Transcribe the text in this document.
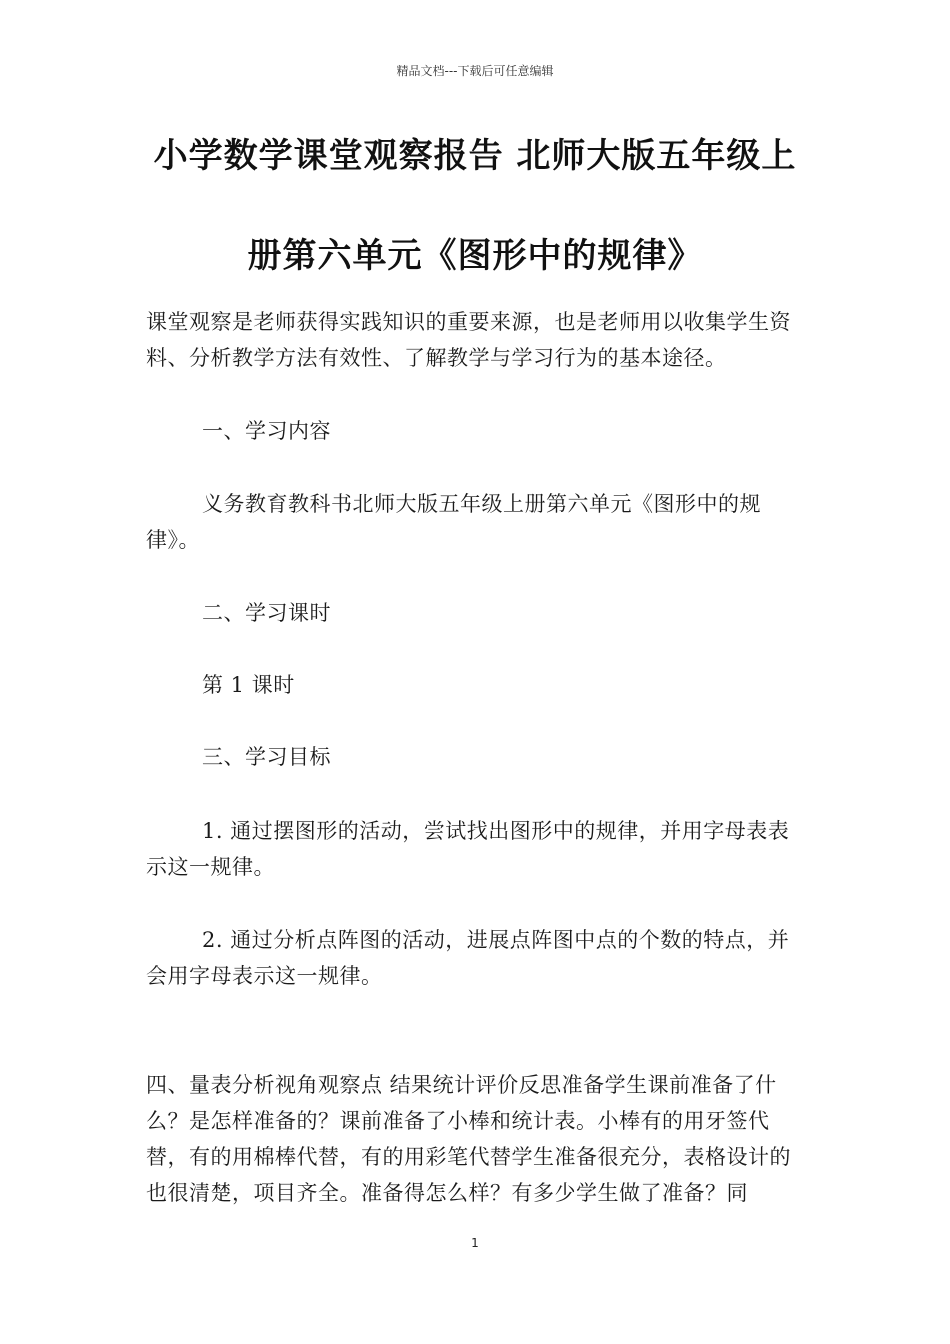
精品文档---下载后可任意编辑
小学数学课堂观察报告 北师大版五年级上
册第六单元《图形中的规律》
课堂观察是老师获得实践知识的重要来源，也是老师用以收集学生资料、分析教学方法有效性、了解教学与学习行为的基本途径。
一、学习内容
义务教育教科书北师大版五年级上册第六单元《图形中的规律》。
二、学习课时
第 1 课时
三、学习目标
1. 通过摆图形的活动，尝试找出图形中的规律，并用字母表表示这一规律。
2. 通过分析点阵图的活动，进展点阵图中点的个数的特点，并会用字母表示这一规律。
四、量表分析视角观察点 结果统计评价反思准备学生课前准备了什么？是怎样准备的？课前准备了小棒和统计表。小棒有的用牙签代替，有的用棉棒代替，有的用彩笔代替学生准备很充分，表格设计的也很清楚，项目齐全。准备得怎么样？有多少学生做了准备？同
1
